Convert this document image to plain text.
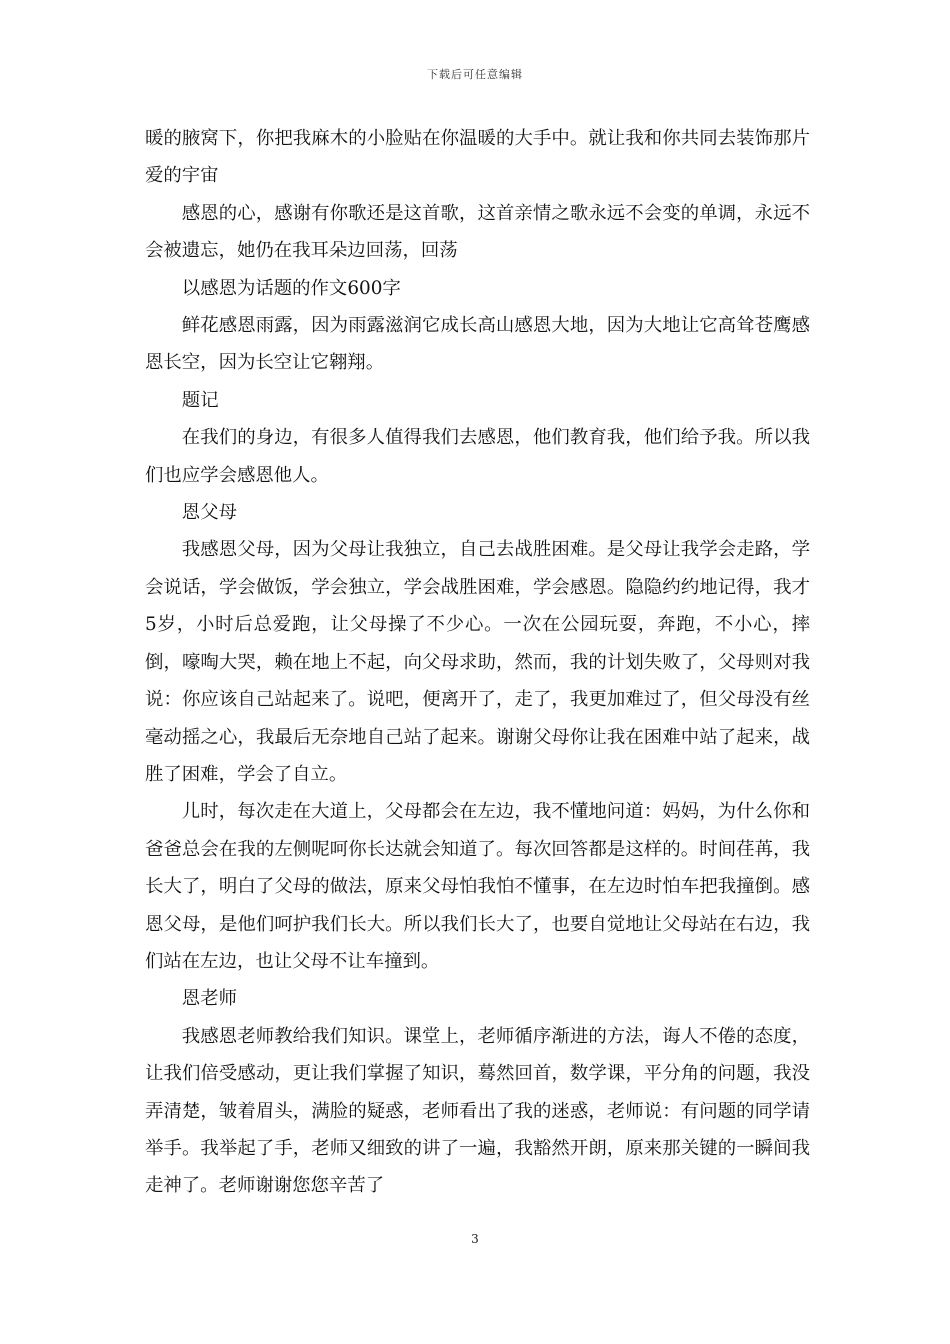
下载后可任意编辑

暖的腋窝下，你把我麻木的小脸贴在你温暖的大手中。就让我和你共同去装饰那片爱的宇宙

感恩的心，感谢有你歌还是这首歌，这首亲情之歌永远不会变的单调，永远不会被遗忘，她仍在我耳朵边回荡，回荡

以感恩为话题的作文600字

鲜花感恩雨露，因为雨露滋润它成长高山感恩大地，因为大地让它高耸苍鹰感恩长空，因为长空让它翱翔。

题记

在我们的身边，有很多人值得我们去感恩，他们教育我，他们给予我。所以我们也应学会感恩他人。

恩父母

我感恩父母，因为父母让我独立，自己去战胜困难。是父母让我学会走路，学会说话，学会做饭，学会独立，学会战胜困难，学会感恩。隐隐约约地记得，我才5岁，小时后总爱跑，让父母操了不少心。一次在公园玩耍，奔跑，不小心，摔倒，嚎啕大哭，赖在地上不起，向父母求助，然而，我的计划失败了，父母则对我说：你应该自己站起来了。说吧，便离开了，走了，我更加难过了，但父母没有丝毫动摇之心，我最后无奈地自己站了起来。谢谢父母你让我在困难中站了起来，战胜了困难，学会了自立。

儿时，每次走在大道上，父母都会在左边，我不懂地问道：妈妈，为什么你和爸爸总会在我的左侧呢呵你长达就会知道了。每次回答都是这样的。时间荏苒，我长大了，明白了父母的做法，原来父母怕我怕不懂事，在左边时怕车把我撞倒。感恩父母，是他们呵护我们长大。所以我们长大了，也要自觉地让父母站在右边，我们站在左边，也让父母不让车撞到。

恩老师

我感恩老师教给我们知识。课堂上，老师循序渐进的方法，诲人不倦的态度，让我们倍受感动，更让我们掌握了知识，蓦然回首，数学课，平分角的问题，我没弄清楚，皱着眉头，满脸的疑惑，老师看出了我的迷惑，老师说：有问题的同学请举手。我举起了手，老师又细致的讲了一遍，我豁然开朗，原来那关键的一瞬间我走神了。老师谢谢您您辛苦了

3
